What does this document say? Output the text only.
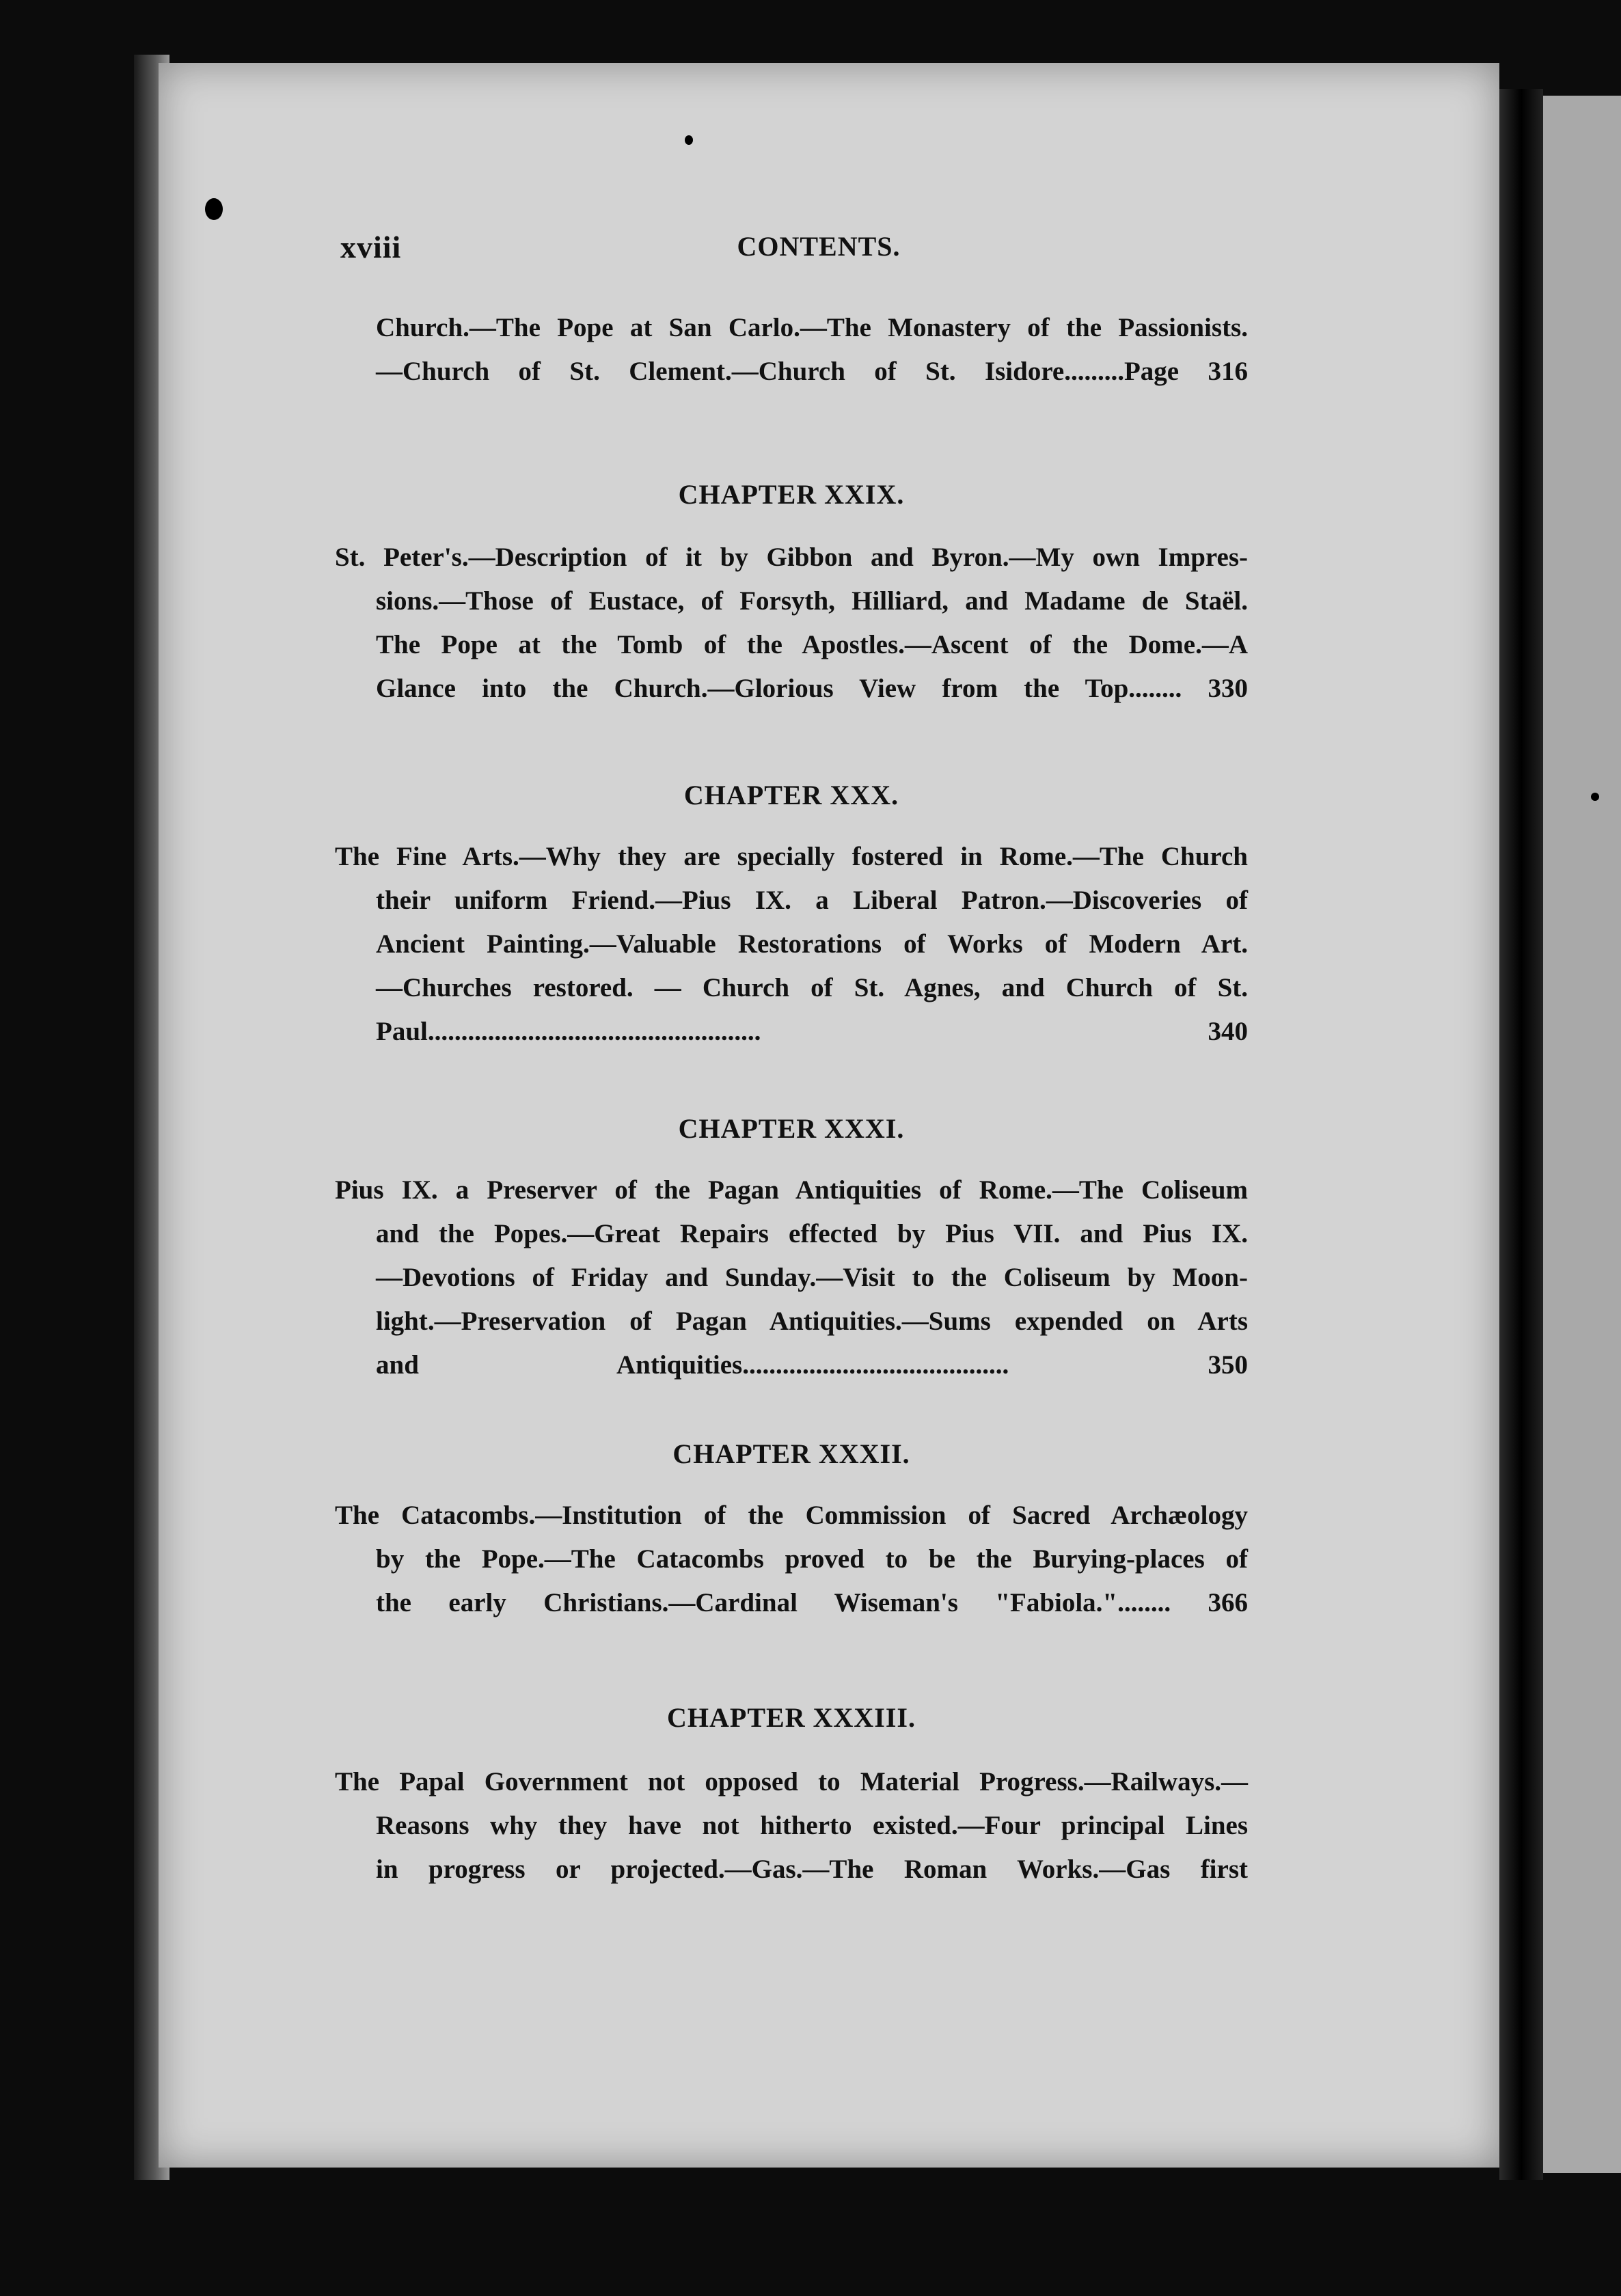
xviii	CONTENTS.
Church.—The Pope at San Carlo.—The Monastery of the Passionists.
—Church of St. Clement.—Church of St. Isidore.........Page 316
CHAPTER XXIX.
St. Peter's.—Description of it by Gibbon and Byron.—My own Impres-
sions.—Those of Eustace, of Forsyth, Hilliard, and Madame de Staël.
The Pope at the Tomb of the Apostles.—Ascent of the Dome.—A
Glance into the Church.—Glorious View from the Top........ 330
CHAPTER XXX.
The Fine Arts.—Why they are specially fostered in Rome.—The Church
their uniform Friend.—Pius IX. a Liberal Patron.—Discoveries of
Ancient Painting.—Valuable Restorations of Works of Modern Art.
—Churches restored. — Church of St. Agnes, and Church of St.
Paul.................................................. 340
CHAPTER XXXI.
Pius IX. a Preserver of the Pagan Antiquities of Rome.—The Coliseum
and the Popes.—Great Repairs effected by Pius VII. and Pius IX.
—Devotions of Friday and Sunday.—Visit to the Coliseum by Moon-
light.—Preservation of Pagan Antiquities.—Sums expended on Arts
and Antiquities........................................ 350
CHAPTER XXXII.
The Catacombs.—Institution of the Commission of Sacred Archæology
by the Pope.—The Catacombs proved to be the Burying-places of
the early Christians.—Cardinal Wiseman's "Fabiola."........ 366
CHAPTER XXXIII.
The Papal Government not opposed to Material Progress.—Railways.—
Reasons why they have not hitherto existed.—Four principal Lines
in progress or projected.—Gas.—The Roman Works.—Gas first
